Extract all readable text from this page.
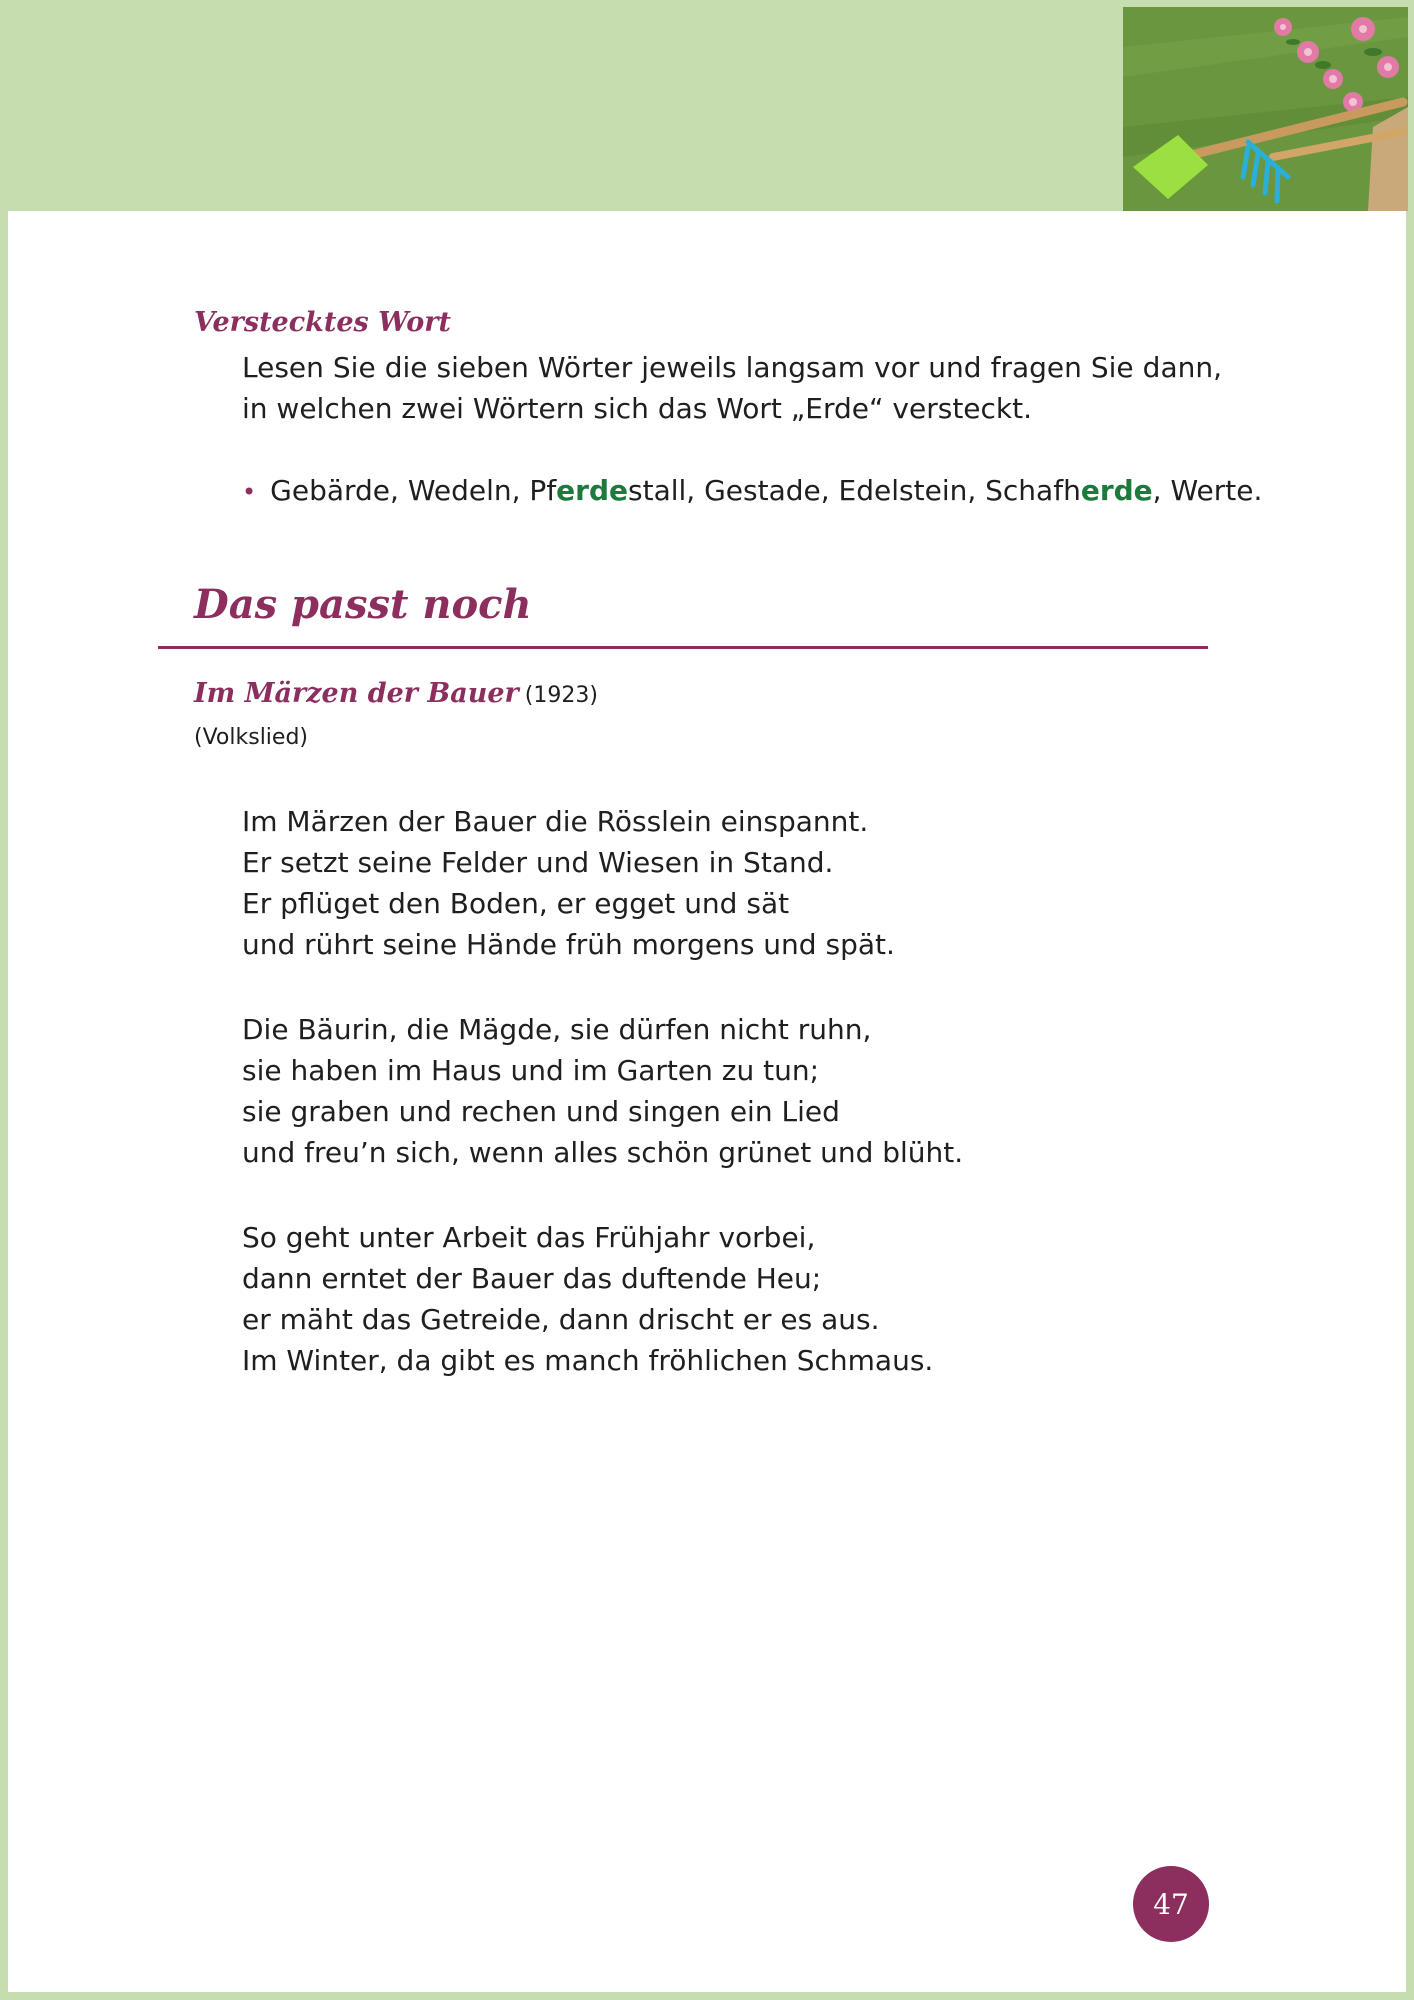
Verstecktes Wort
Lesen Sie die sieben Wörter jeweils langsam vor und fragen Sie dann, in welchen zwei Wörtern sich das Wort „Erde“ versteckt.
• Gebärde, Wedeln, Pferdestall, Gestade, Edelstein, Schafherde, Werte.
Das passt noch
Im Märzen der Bauer (1923)
(Volkslied)
Im Märzen der Bauer die Rösslein einspannt.
Er setzt seine Felder und Wiesen in Stand.
Er pflüget den Boden, er egget und sät
und rührt seine Hände früh morgens und spät.
Die Bäurin, die Mägde, sie dürfen nicht ruhn,
sie haben im Haus und im Garten zu tun;
sie graben und rechen und singen ein Lied
und freu’n sich, wenn alles schön grünet und blüht.
So geht unter Arbeit das Frühjahr vorbei,
dann erntet der Bauer das duftende Heu;
er mäht das Getreide, dann drischt er es aus.
Im Winter, da gibt es manch fröhlichen Schmaus.
47
